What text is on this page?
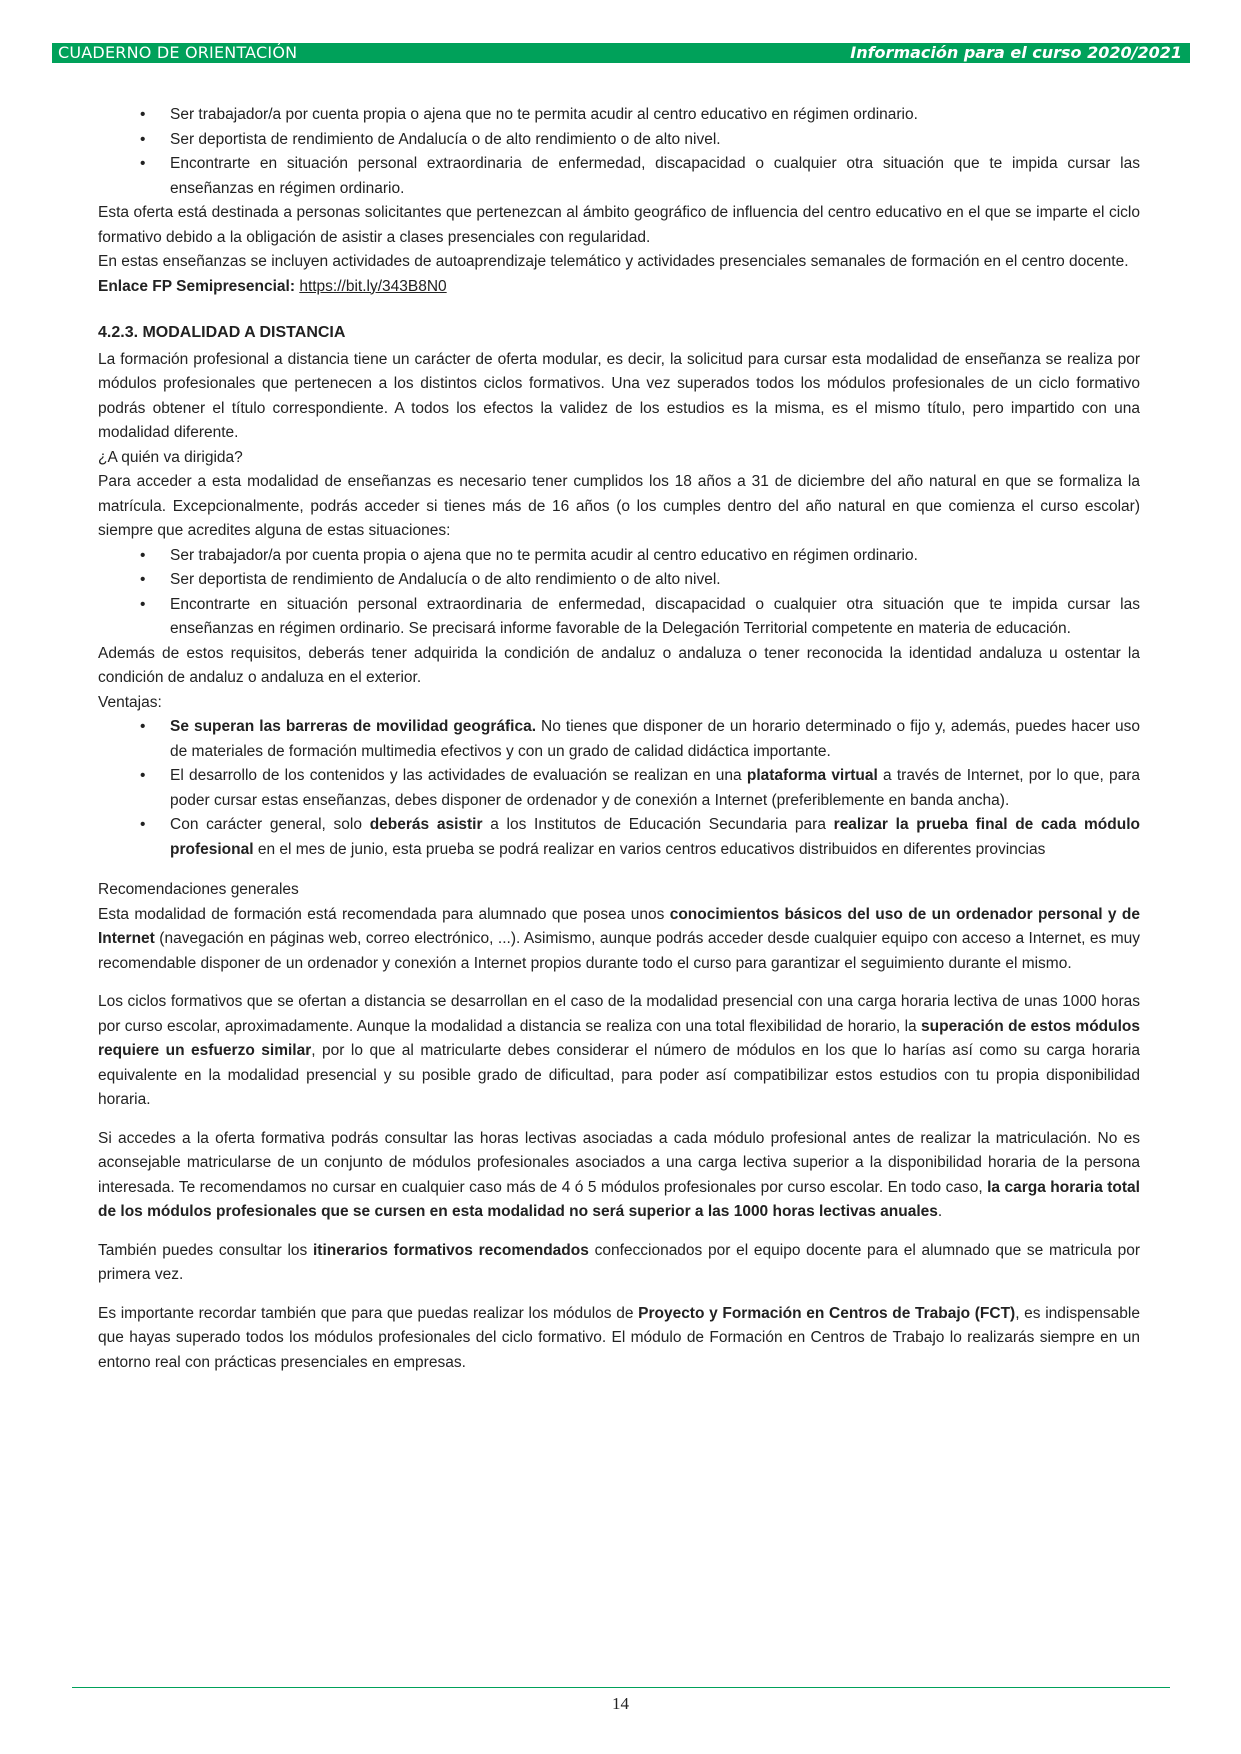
CUADERNO DE ORIENTACIÓN	Información para el curso 2020/2021
• Ser trabajador/a por cuenta propia o ajena que no te permita acudir al centro educativo en régimen ordinario.
• Ser deportista de rendimiento de Andalucía o de alto rendimiento o de alto nivel.
• Encontrarte en situación personal extraordinaria de enfermedad, discapacidad o cualquier otra situación que te impida cursar las enseñanzas en régimen ordinario.

Esta oferta está destinada a personas solicitantes que pertenezcan al ámbito geográfico de influencia del centro educativo en el que se imparte el ciclo formativo debido a la obligación de asistir a clases presenciales con regularidad.

En estas enseñanzas se incluyen actividades de autoaprendizaje telemático y actividades presenciales semanales de formación en el centro docente.

Enlace FP Semipresencial: https://bit.ly/343B8N0

4.2.3. MODALIDAD A DISTANCIA

La formación profesional a distancia tiene un carácter de oferta modular, es decir, la solicitud para cursar esta modalidad de enseñanza se realiza por módulos profesionales que pertenecen a los distintos ciclos formativos. Una vez superados todos los módulos profesionales de un ciclo formativo podrás obtener el título correspondiente. A todos los efectos la validez de los estudios es la misma, es el mismo título, pero impartido con una modalidad diferente.

¿A quién va dirigida?

Para acceder a esta modalidad de enseñanzas es necesario tener cumplidos los 18 años a 31 de diciembre del año natural en que se formaliza la matrícula. Excepcionalmente, podrás acceder si tienes más de 16 años (o los cumples dentro del año natural en que comienza el curso escolar) siempre que acredites alguna de estas situaciones:

• Ser trabajador/a por cuenta propia o ajena que no te permita acudir al centro educativo en régimen ordinario.
• Ser deportista de rendimiento de Andalucía o de alto rendimiento o de alto nivel.
• Encontrarte en situación personal extraordinaria de enfermedad, discapacidad o cualquier otra situación que te impida cursar las enseñanzas en régimen ordinario. Se precisará informe favorable de la Delegación Territorial competente en materia de educación.

Además de estos requisitos, deberás tener adquirida la condición de andaluz o andaluza o tener reconocida la identidad andaluza u ostentar la condición de andaluz o andaluza en el exterior.

Ventajas:

• Se superan las barreras de movilidad geográfica. No tienes que disponer de un horario determinado o fijo y, además, puedes hacer uso de materiales de formación multimedia efectivos y con un grado de calidad didáctica importante.
• El desarrollo de los contenidos y las actividades de evaluación se realizan en una plataforma virtual a través de Internet, por lo que, para poder cursar estas enseñanzas, debes disponer de ordenador y de conexión a Internet (preferiblemente en banda ancha).
• Con carácter general, solo deberás asistir a los Institutos de Educación Secundaria para realizar la prueba final de cada módulo profesional en el mes de junio, esta prueba se podrá realizar en varios centros educativos distribuidos en diferentes provincias

Recomendaciones generales

Esta modalidad de formación está recomendada para alumnado que posea unos conocimientos básicos del uso de un ordenador personal y de Internet (navegación en páginas web, correo electrónico, ...). Asimismo, aunque podrás acceder desde cualquier equipo con acceso a Internet, es muy recomendable disponer de un ordenador y conexión a Internet propios durante todo el curso para garantizar el seguimiento durante el mismo.

Los ciclos formativos que se ofertan a distancia se desarrollan en el caso de la modalidad presencial con una carga horaria lectiva de unas 1000 horas por curso escolar, aproximadamente. Aunque la modalidad a distancia se realiza con una total flexibilidad de horario, la superación de estos módulos requiere un esfuerzo similar, por lo que al matricularte debes considerar el número de módulos en los que lo harías así como su carga horaria equivalente en la modalidad presencial y su posible grado de dificultad, para poder así compatibilizar estos estudios con tu propia disponibilidad horaria.

Si accedes a la oferta formativa podrás consultar las horas lectivas asociadas a cada módulo profesional antes de realizar la matriculación. No es aconsejable matricularse de un conjunto de módulos profesionales asociados a una carga lectiva superior a la disponibilidad horaria de la persona interesada. Te recomendamos no cursar en cualquier caso más de 4 ó 5 módulos profesionales por curso escolar. En todo caso, la carga horaria total de los módulos profesionales que se cursen en esta modalidad no será superior a las 1000 horas lectivas anuales.

También puedes consultar los itinerarios formativos recomendados confeccionados por el equipo docente para el alumnado que se matricula por primera vez.

Es importante recordar también que para que puedas realizar los módulos de Proyecto y Formación en Centros de Trabajo (FCT), es indispensable que hayas superado todos los módulos profesionales del ciclo formativo. El módulo de Formación en Centros de Trabajo lo realizarás siempre en un entorno real con prácticas presenciales en empresas.

14
